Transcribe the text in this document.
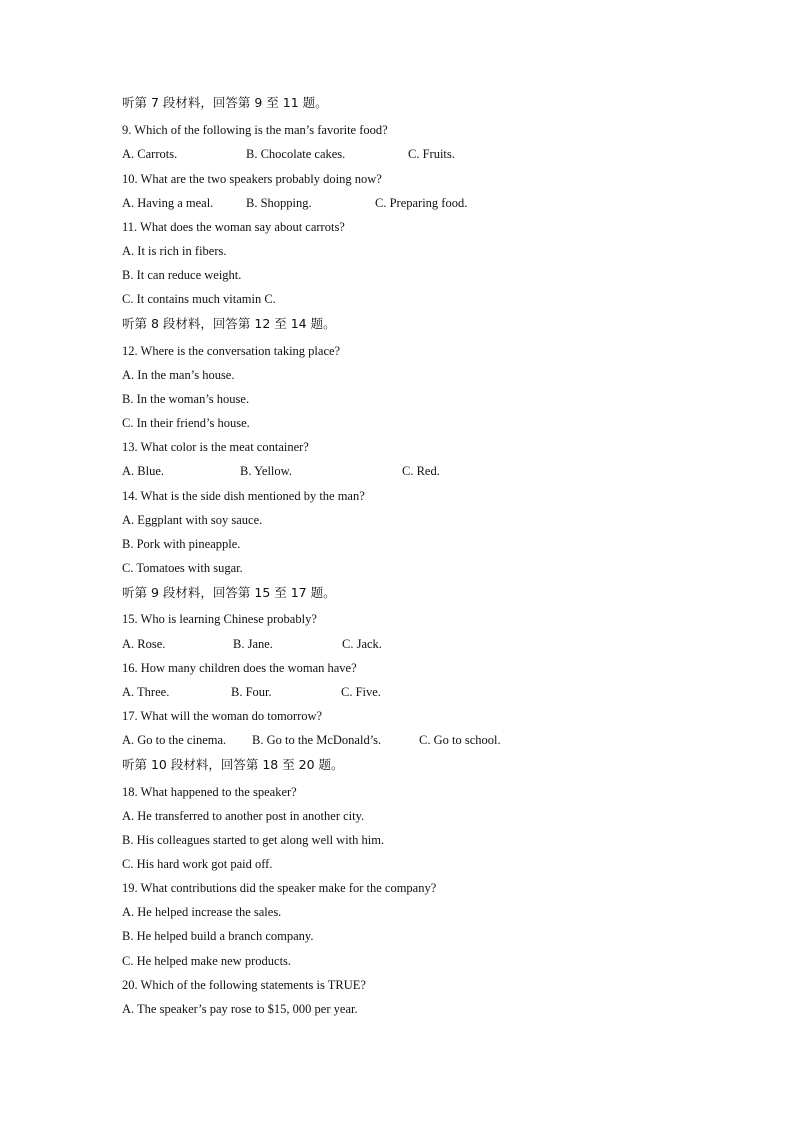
听第 7 段材料，回答第 9 至 11 题。
9. Which of the following is the man’s favorite food?
A. Carrots.	B. Chocolate cakes.	C. Fruits.
10. What are the two speakers probably doing now?
A. Having a meal.	B. Shopping.	C. Preparing food.
11. What does the woman say about carrots?
A. It is rich in fibers.
B. It can reduce weight.
C. It contains much vitamin C.
听第 8 段材料，回答第 12 至 14 题。
12. Where is the conversation taking place?
A. In the man’s house.
B. In the woman’s house.
C. In their friend’s house.
13. What color is the meat container?
A. Blue.	B. Yellow.	C. Red.
14. What is the side dish mentioned by the man?
A. Eggplant with soy sauce.
B. Pork with pineapple.
C. Tomatoes with sugar.
听第 9 段材料，回答第 15 至 17 题。
15. Who is learning Chinese probably?
A. Rose.	B. Jane.	C. Jack.
16. How many children does the woman have?
A. Three.	B. Four.	C. Five.
17. What will the woman do tomorrow?
A. Go to the cinema. B. Go to the McDonald’s.	C. Go to school.
听第 10 段材料，回答第 18 至 20 题。
18. What happened to the speaker?
A. He transferred to another post in another city.
B. His colleagues started to get along well with him.
C. His hard work got paid off.
19. What contributions did the speaker make for the company?
A. He helped increase the sales.
B. He helped build a branch company.
C. He helped make new products.
20. Which of the following statements is TRUE?
A. The speaker’s pay rose to $15, 000 per year.
